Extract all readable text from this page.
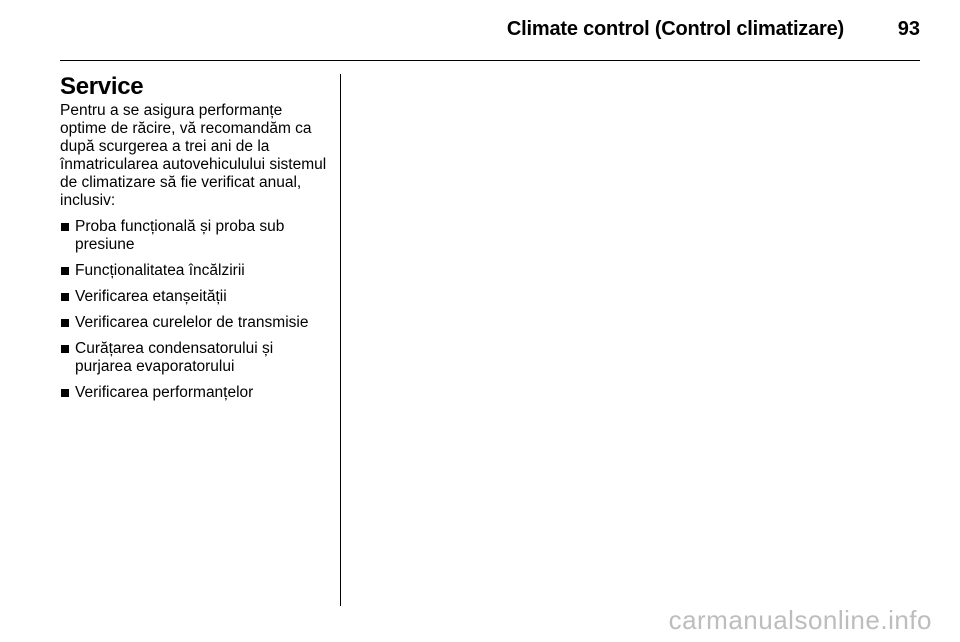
Climate control (Control climatizare)	93
Service

Pentru a se asigura performanțe optime de răcire, vă recomandăm ca după scurgerea a trei ani de la înmatricularea autovehiculului sistemul de climatizare să fie verificat anual, inclusiv:

Proba funcțională și proba sub presiune
Funcționalitatea încălzirii
Verificarea etanșeității
Verificarea curelelor de transmisie
Curățarea condensatorului și purjarea evaporatorului
Verificarea performanțelor
carmanualsonline.info
